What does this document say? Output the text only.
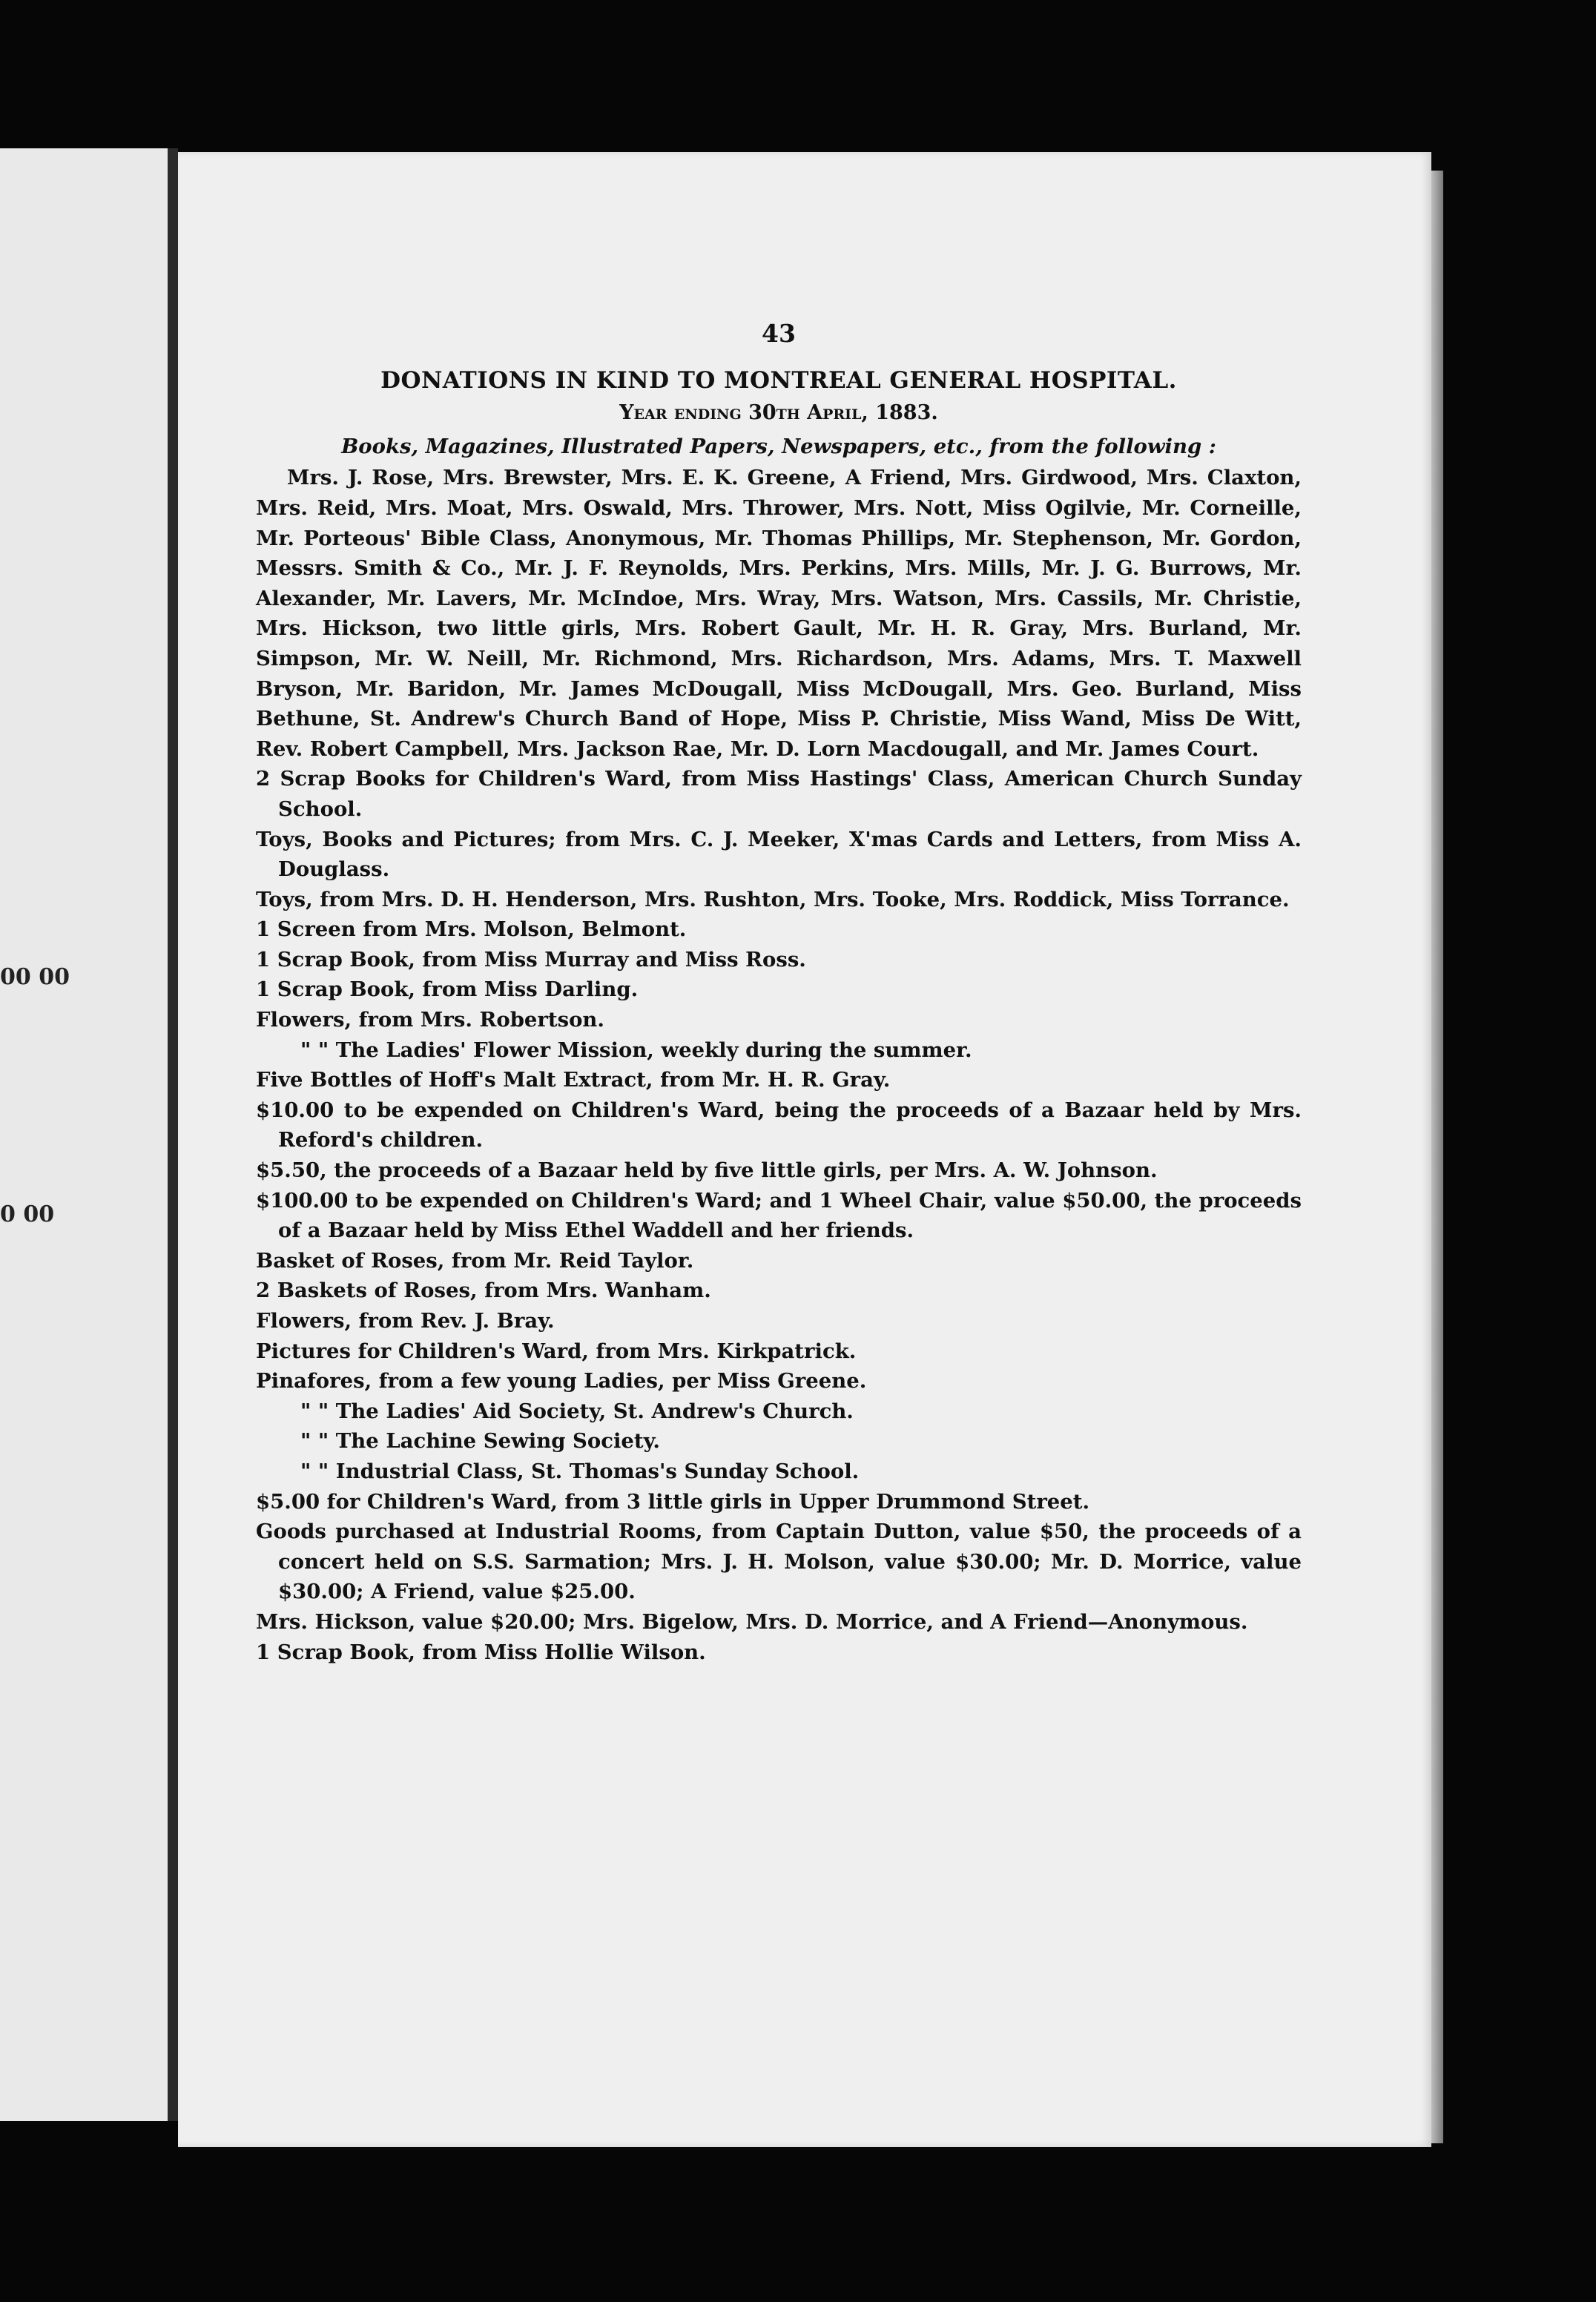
00 00
0 00
43
DONATIONS IN KIND TO MONTREAL GENERAL HOSPITAL.
Year ending 30th April, 1883.
Books, Magazines, Illustrated Papers, Newspapers, etc., from the following :
Mrs. J. Rose, Mrs. Brewster, Mrs. E. K. Greene, A Friend, Mrs. Girdwood, Mrs. Claxton, Mrs. Reid, Mrs. Moat, Mrs. Oswald, Mrs. Thrower, Mrs. Nott, Miss Ogilvie, Mr. Corneille, Mr. Porteous' Bible Class, Anonymous, Mr. Thomas Phillips, Mr. Stephenson, Mr. Gordon, Messrs. Smith & Co., Mr. J. F. Reynolds, Mrs. Perkins, Mrs. Mills, Mr. J. G. Burrows, Mr. Alexander, Mr. Lavers, Mr. McIndoe, Mrs. Wray, Mrs. Watson, Mrs. Cassils, Mr. Christie, Mrs. Hickson, two little girls, Mrs. Robert Gault, Mr. H. R. Gray, Mrs. Burland, Mr. Simpson, Mr. W. Neill, Mr. Richmond, Mrs. Richardson, Mrs. Adams, Mrs. T. Maxwell Bryson, Mr. Baridon, Mr. James McDougall, Miss McDougall, Mrs. Geo. Burland, Miss Bethune, St. Andrew's Church Band of Hope, Miss P. Christie, Miss Wand, Miss De Witt, Rev. Robert Campbell, Mrs. Jackson Rae, Mr. D. Lorn Macdougall, and Mr. James Court.
2 Scrap Books for Children's Ward, from Miss Hastings' Class, American Church Sunday School.
Toys, Books and Pictures; from Mrs. C. J. Meeker, X'mas Cards and Letters, from Miss A. Douglass.
Toys, from Mrs. D. H. Henderson, Mrs. Rushton, Mrs. Tooke, Mrs. Roddick, Miss Torrance.
1 Screen from Mrs. Molson, Belmont.
1 Scrap Book, from Miss Murray and Miss Ross.
1 Scrap Book, from Miss Darling.
Flowers, from Mrs. Robertson.
" " The Ladies' Flower Mission, weekly during the summer.
Five Bottles of Hoff's Malt Extract, from Mr. H. R. Gray.
$10.00 to be expended on Children's Ward, being the proceeds of a Bazaar held by Mrs. Reford's children.
$5.50, the proceeds of a Bazaar held by five little girls, per Mrs. A. W. Johnson.
$100.00 to be expended on Children's Ward; and 1 Wheel Chair, value $50.00, the proceeds of a Bazaar held by Miss Ethel Waddell and her friends.
Basket of Roses, from Mr. Reid Taylor.
2 Baskets of Roses, from Mrs. Wanham.
Flowers, from Rev. J. Bray.
Pictures for Children's Ward, from Mrs. Kirkpatrick.
Pinafores, from a few young Ladies, per Miss Greene.
" " The Ladies' Aid Society, St. Andrew's Church.
" " The Lachine Sewing Society.
" " Industrial Class, St. Thomas's Sunday School.
$5.00 for Children's Ward, from 3 little girls in Upper Drummond Street.
Goods purchased at Industrial Rooms, from Captain Dutton, value $50, the proceeds of a concert held on S.S. Sarmation; Mrs. J. H. Molson, value $30.00; Mr. D. Morrice, value $30.00; A Friend, value $25.00.
Mrs. Hickson, value $20.00; Mrs. Bigelow, Mrs. D. Morrice, and A Friend—Anonymous.
1 Scrap Book, from Miss Hollie Wilson.
